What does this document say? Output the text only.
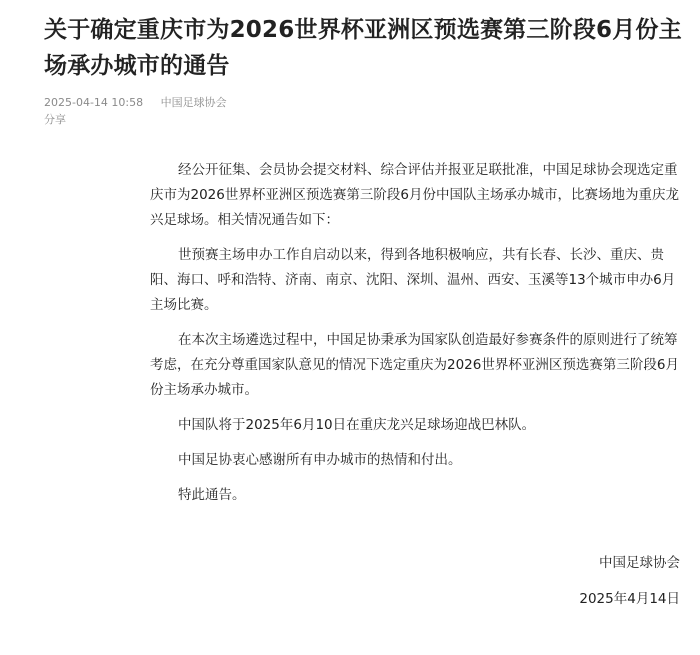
关于确定重庆市为2026世界杯亚洲区预选赛第三阶段6月份主场承办城市的通告
2025-04-14 10:58 中国足球协会
分享

经公开征集、会员协会提交材料、综合评估并报亚足联批准，中国足球协会现选定重庆市为2026世界杯亚洲区预选赛第三阶段6月份中国队主场承办城市，比赛场地为重庆龙兴足球场。相关情况通告如下：

世预赛主场申办工作自启动以来，得到各地积极响应，共有长春、长沙、重庆、贵阳、海口、呼和浩特、济南、南京、沈阳、深圳、温州、西安、玉溪等13个城市申办6月主场比赛。

在本次主场遴选过程中，中国足协秉承为国家队创造最好参赛条件的原则进行了统筹考虑，在充分尊重国家队意见的情况下选定重庆为2026世界杯亚洲区预选赛第三阶段6月份主场承办城市。

中国队将于2025年6月10日在重庆龙兴足球场迎战巴林队。

中国足协衷心感谢所有申办城市的热情和付出。

特此通告。

中国足球协会
2025年4月14日
